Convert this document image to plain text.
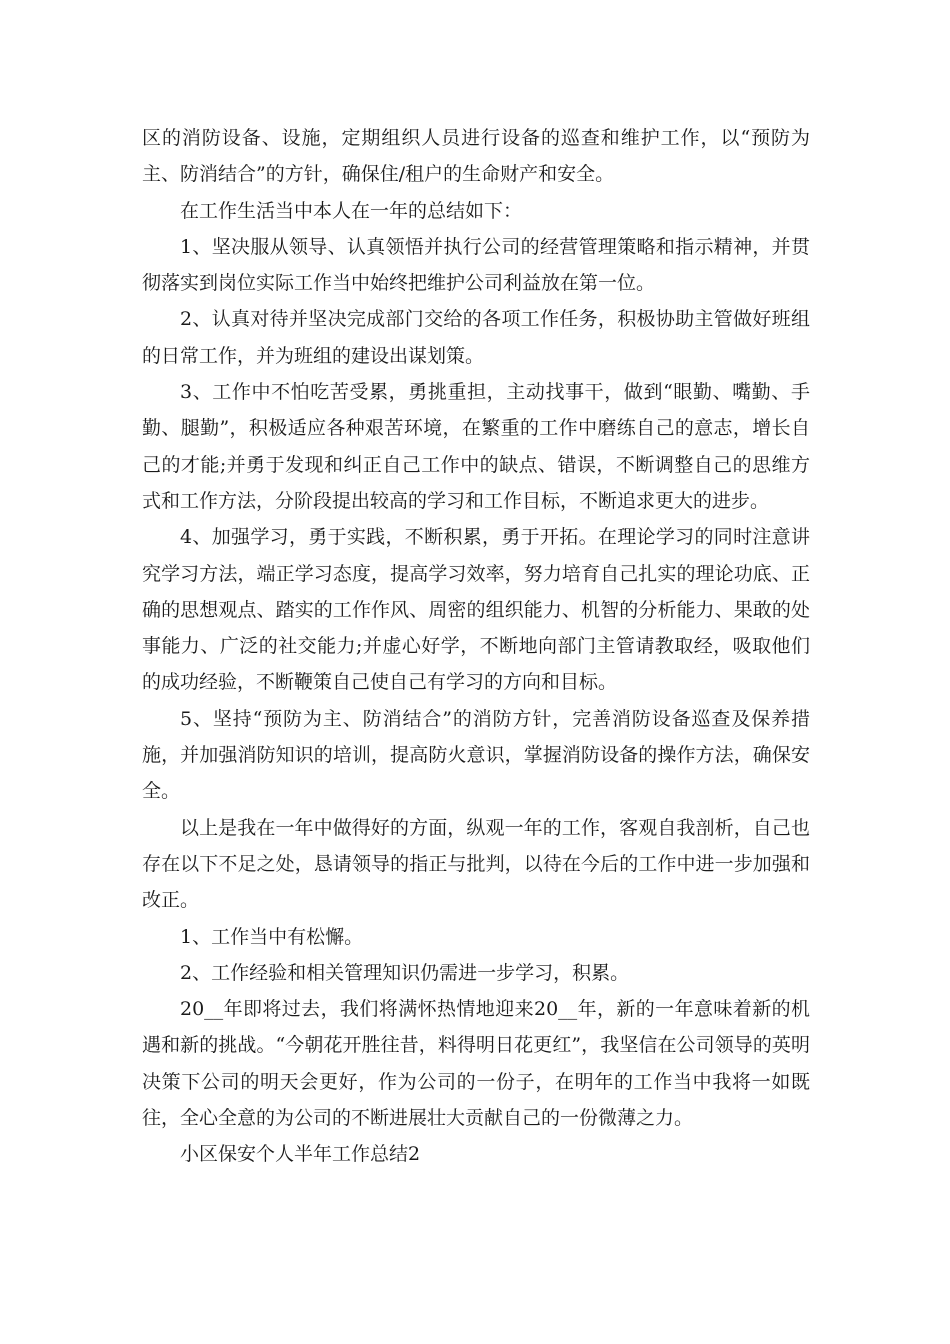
区的消防设备、设施，定期组织人员进行设备的巡查和维护工作，以“预防为主、防消结合”的方针，确保住/租户的生命财产和安全。

在工作生活当中本人在一年的总结如下：

1、坚决服从领导、认真领悟并执行公司的经营管理策略和指示精神，并贯彻落实到岗位实际工作当中始终把维护公司利益放在第一位。

2、认真对待并坚决完成部门交给的各项工作任务，积极协助主管做好班组的日常工作，并为班组的建设出谋划策。

3、工作中不怕吃苦受累，勇挑重担，主动找事干，做到“眼勤、嘴勤、手勤、腿勤”，积极适应各种艰苦环境，在繁重的工作中磨练自己的意志，增长自己的才能;并勇于发现和纠正自己工作中的缺点、错误，不断调整自己的思维方式和工作方法，分阶段提出较高的学习和工作目标，不断追求更大的进步。

4、加强学习，勇于实践，不断积累，勇于开拓。在理论学习的同时注意讲究学习方法，端正学习态度，提高学习效率，努力培育自己扎实的理论功底、正确的思想观点、踏实的工作作风、周密的组织能力、机智的分析能力、果敢的处事能力、广泛的社交能力;并虚心好学，不断地向部门主管请教取经，吸取他们的成功经验，不断鞭策自己使自己有学习的方向和目标。

5、坚持“预防为主、防消结合”的消防方针，完善消防设备巡查及保养措施，并加强消防知识的培训，提高防火意识，掌握消防设备的操作方法，确保安全。

以上是我在一年中做得好的方面，纵观一年的工作，客观自我剖析，自己也存在以下不足之处，恳请领导的指正与批判，以待在今后的工作中进一步加强和改正。

1、工作当中有松懈。

2、工作经验和相关管理知识仍需进一步学习，积累。

20__年即将过去，我们将满怀热情地迎来20__年，新的一年意味着新的机遇和新的挑战。“今朝花开胜往昔，料得明日花更红”，我坚信在公司领导的英明决策下公司的明天会更好，作为公司的一份子，在明年的工作当中我将一如既往，全心全意的为公司的不断进展壮大贡献自己的一份微薄之力。

小区保安个人半年工作总结2
